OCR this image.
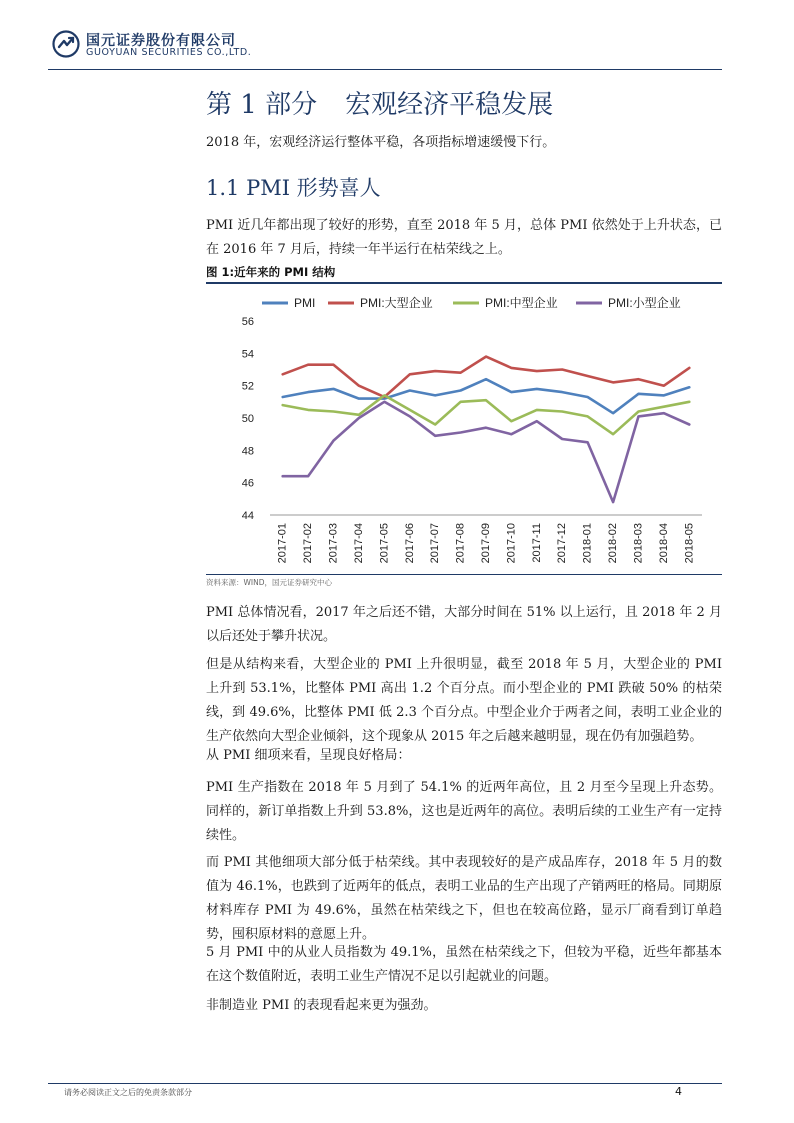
国元证券股份有限公司
GUOYUAN SECURITIES CO.,LTD.
第 1 部分 宏观经济平稳发展
2018 年，宏观经济运行整体平稳，各项指标增速缓慢下行。
1.1 PMI 形势喜人
PMI 近几年都出现了较好的形势，直至 2018 年 5 月，总体 PMI 依然处于上升状态，已在 2016 年 7 月后，持续一年半运行在枯荣线之上。
图 1:近年来的 PMI 结构
PMI	PMI:大型企业	PMI:中型企业	PMI:小型企业
44
46
48
50
52
54
56
2017-01 2017-02 2017-03 2017-04 2017-05 2017-06 2017-07 2017-08 2017-09 2017-10 2017-11 2017-12 2018-01 2018-02 2018-03 2018-04 2018-05
资料来源：WIND，国元证券研究中心
PMI 总体情况看，2017 年之后还不错，大部分时间在 51% 以上运行，且 2018 年 2 月以后还处于攀升状况。
但是从结构来看，大型企业的 PMI 上升很明显，截至 2018 年 5 月，大型企业的 PMI 上升到 53.1%，比整体 PMI 高出 1.2 个百分点。而小型企业的 PMI 跌破 50% 的枯荣线，到 49.6%，比整体 PMI 低 2.3 个百分点。中型企业介于两者之间，表明工业企业的生产依然向大型企业倾斜，这个现象从 2015 年之后越来越明显，现在仍有加强趋势。
从 PMI 细项来看，呈现良好格局：
PMI 生产指数在 2018 年 5 月到了 54.1% 的近两年高位，且 2 月至今呈现上升态势。同样的，新订单指数上升到 53.8%，这也是近两年的高位。表明后续的工业生产有一定持续性。
而 PMI 其他细项大部分低于枯荣线。其中表现较好的是产成品库存，2018 年 5 月的数值为 46.1%，也跌到了近两年的低点，表明工业品的生产出现了产销两旺的格局。同期原材料库存 PMI 为 49.6%，虽然在枯荣线之下，但也在较高位路，显示厂商看到订单趋势，囤积原材料的意愿上升。
5 月 PMI 中的从业人员指数为 49.1%，虽然在枯荣线之下，但较为平稳，近些年都基本在这个数值附近，表明工业生产情况不足以引起就业的问题。
非制造业 PMI 的表现看起来更为强劲。
请务必阅读正文之后的免责条款部分	4
